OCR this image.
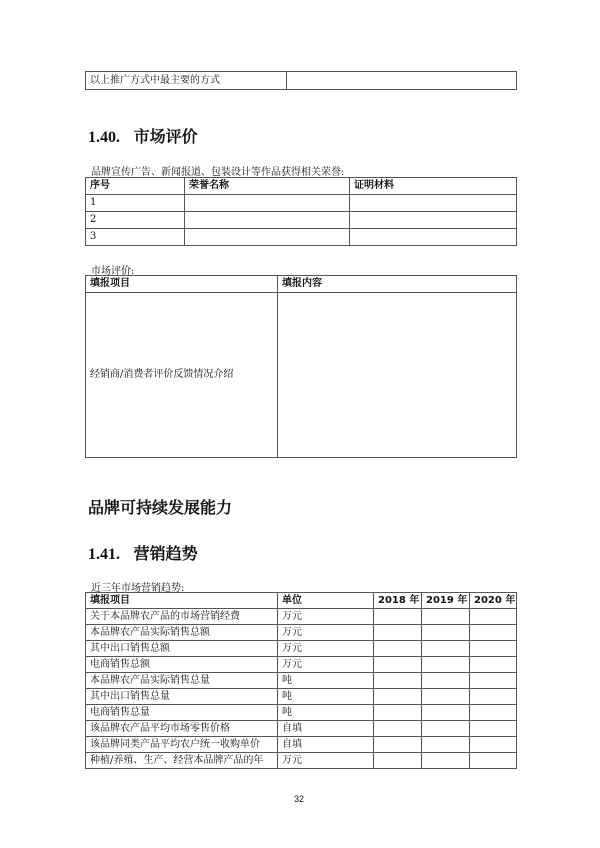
以上推广方式中最主要的方式	
1.40. 市场评价
品牌宣传广告、新闻报道、包装设计等作品获得相关荣誉:
序号	荣誉名称	证明材料
1		
2		
3		
市场评价:
填报项目	填报内容
经销商/消费者评价反馈情况介绍	
品牌可持续发展能力
1.41. 营销趋势
近三年市场营销趋势:
填报项目	单位	2018 年	2019 年	2020 年
关于本品牌农产品的市场营销经费	万元			
本品牌农产品实际销售总额	万元			
其中出口销售总额	万元			
电商销售总额	万元			
本品牌农产品实际销售总量	吨			
其中出口销售总量	吨			
电商销售总量	吨			
该品牌农产品平均市场零售价格	自填			
该品牌同类产品平均农户统一收购单价	自填			
种植/养殖、生产、经营本品牌产品的年	万元			
32
